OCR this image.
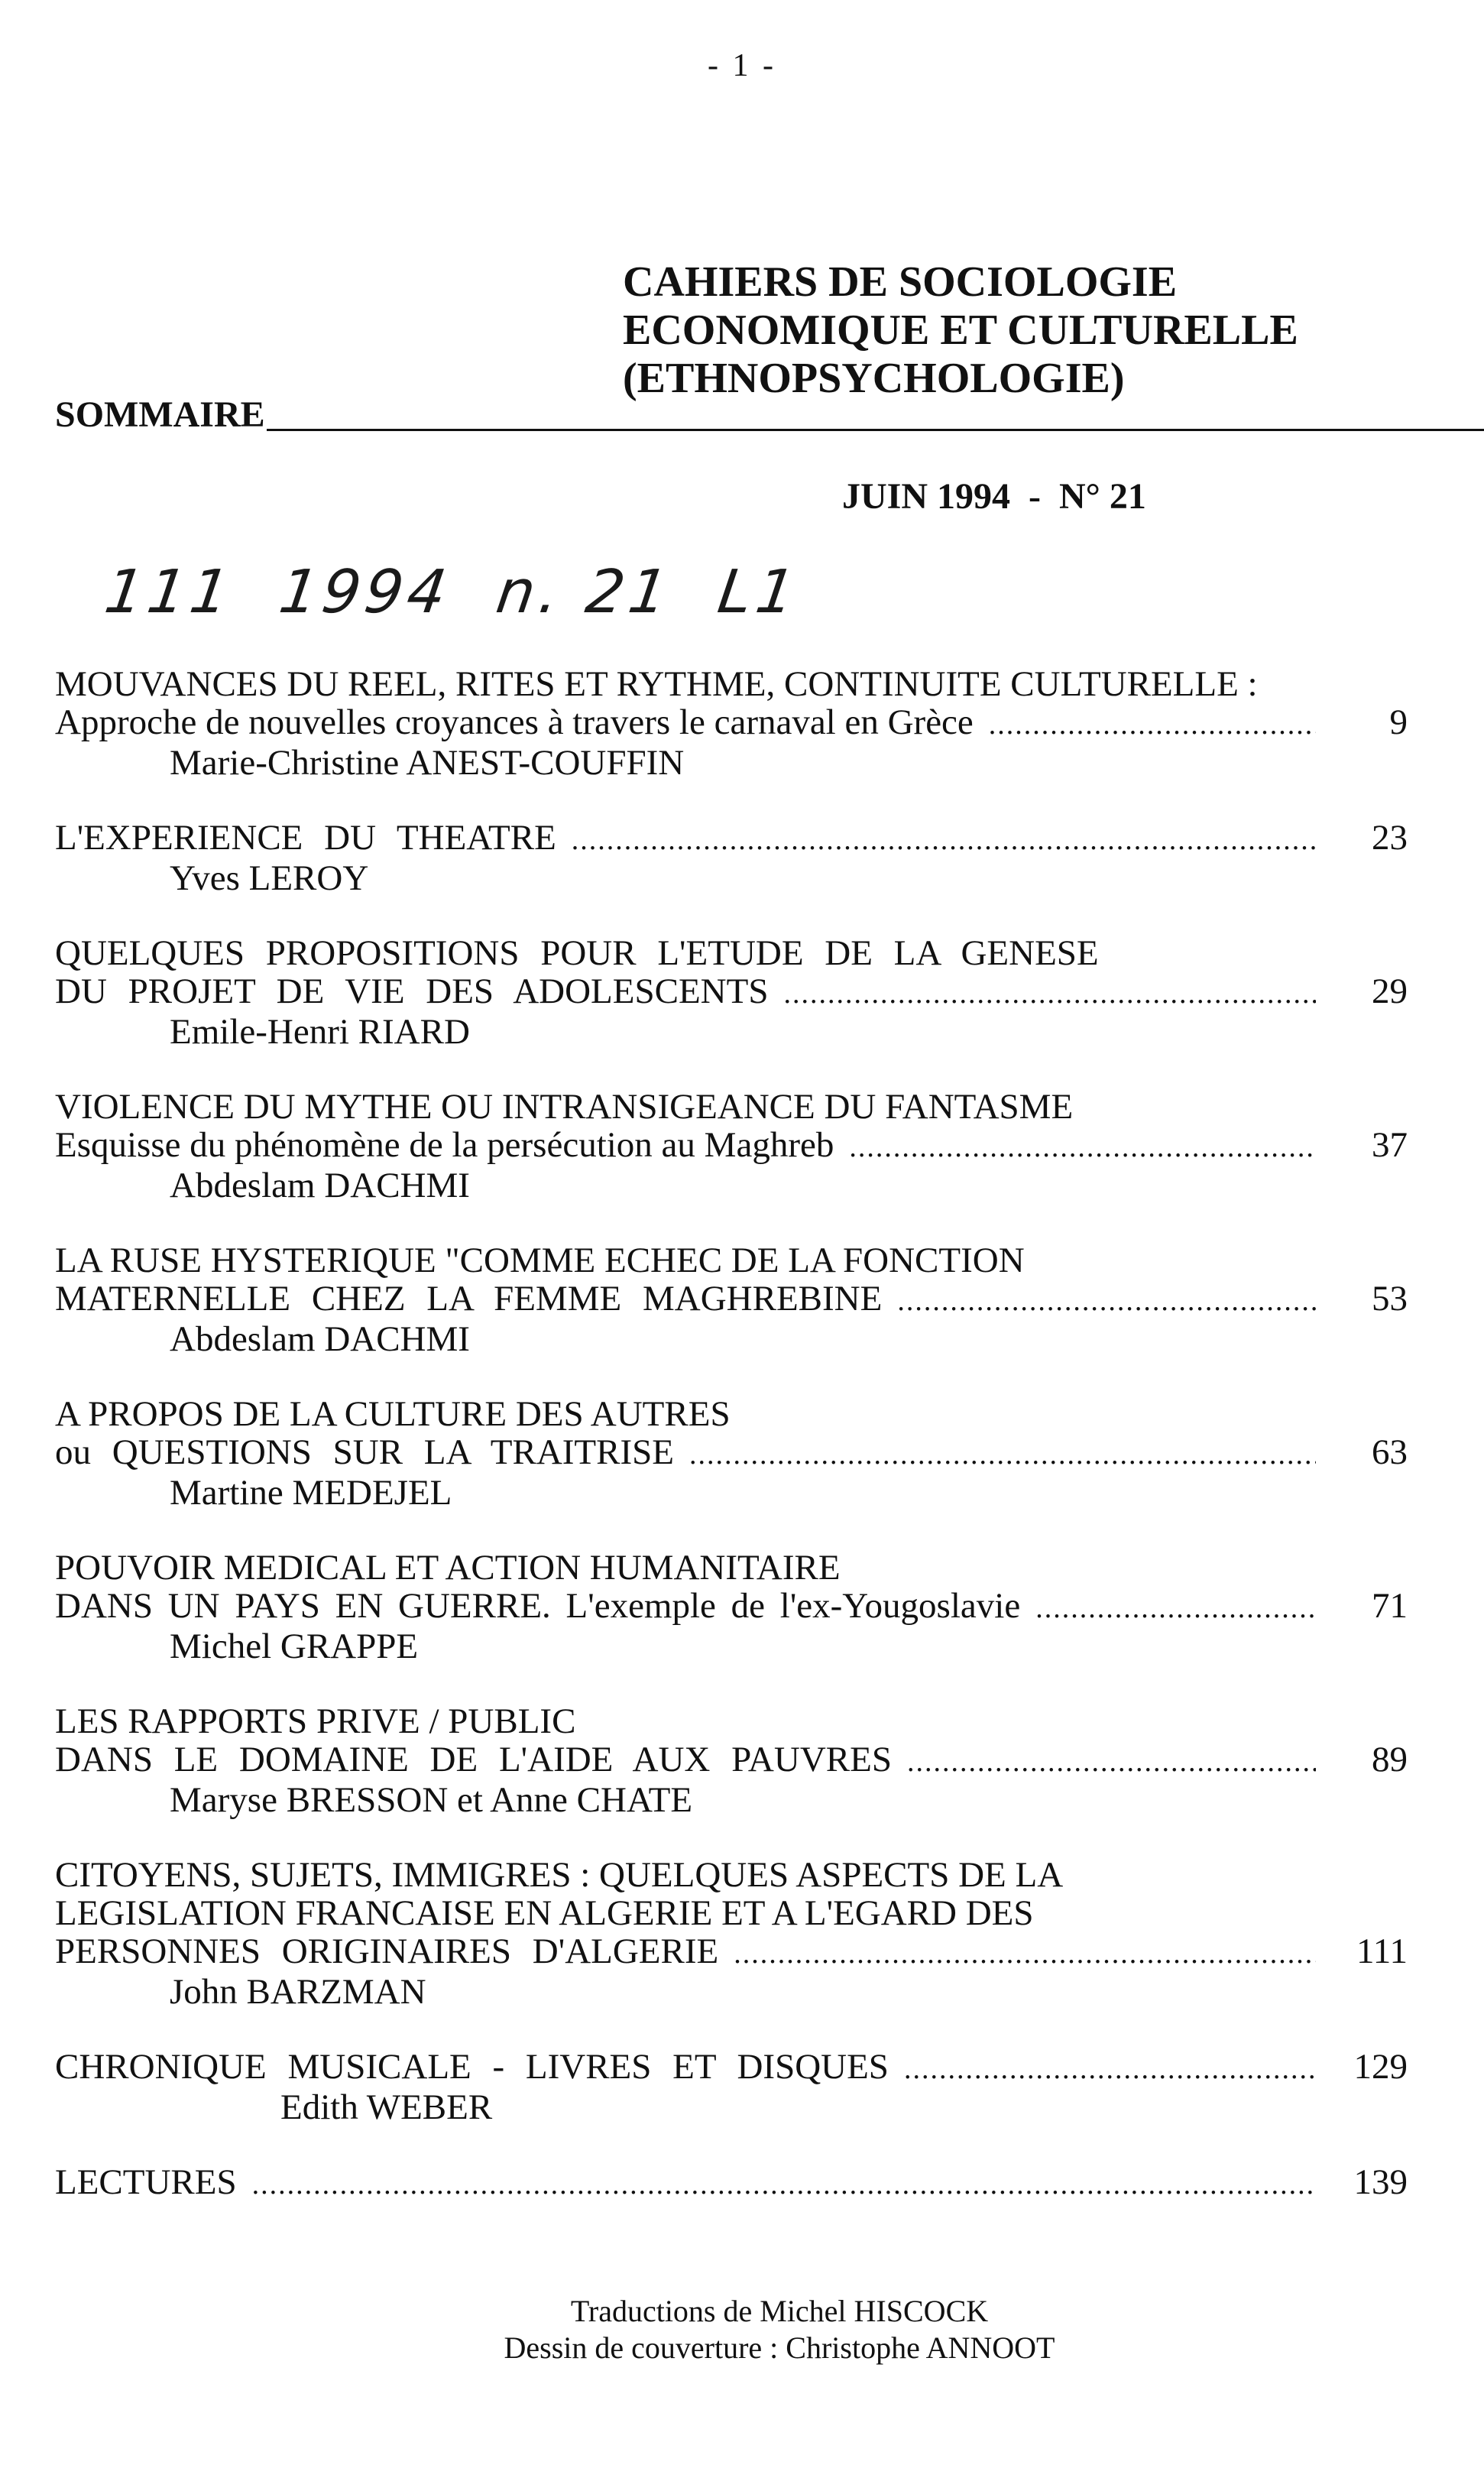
- 1 -
CAHIERS DE SOCIOLOGIE
ECONOMIQUE ET CULTURELLE
(ETHNOPSYCHOLOGIE)
SOMMAIRE
JUIN 1994  -  N° 21
111  1994  n. 21  L1
MOUVANCES DU REEL, RITES ET RYTHME, CONTINUITE CULTURELLE :
Approche de nouvelles croyances à travers le carnaval en Grèce .....	9
Marie-Christine ANEST-COUFFIN
L'EXPERIENCE DU THEATRE .....	23
Yves LEROY
QUELQUES PROPOSITIONS POUR L'ETUDE DE LA GENESE
DU PROJET DE VIE DES ADOLESCENTS .....	29
Emile-Henri RIARD
VIOLENCE DU MYTHE OU INTRANSIGEANCE DU FANTASME
Esquisse du phénomène de la persécution au Maghreb .....	37
Abdeslam DACHMI
LA RUSE HYSTERIQUE "COMME ECHEC DE LA FONCTION
MATERNELLE CHEZ LA FEMME MAGHREBINE .....	53
Abdeslam DACHMI
A PROPOS DE LA CULTURE DES AUTRES
ou QUESTIONS SUR LA TRAITRISE .....	63
Martine MEDEJEL
POUVOIR MEDICAL ET ACTION HUMANITAIRE
DANS UN PAYS EN GUERRE. L'exemple de l'ex-Yougoslavie .....	71
Michel GRAPPE
LES RAPPORTS PRIVE / PUBLIC
DANS LE DOMAINE DE L'AIDE AUX PAUVRES .....	89
Maryse BRESSON et Anne CHATE
CITOYENS, SUJETS, IMMIGRES : QUELQUES ASPECTS DE LA
LEGISLATION FRANCAISE EN ALGERIE ET A L'EGARD DES
PERSONNES ORIGINAIRES D'ALGERIE .....	111
John BARZMAN
CHRONIQUE MUSICALE - LIVRES ET DISQUES .....	129
Edith WEBER
LECTURES .....	139
Traductions de Michel HISCOCK
Dessin de couverture : Christophe ANNOOT
